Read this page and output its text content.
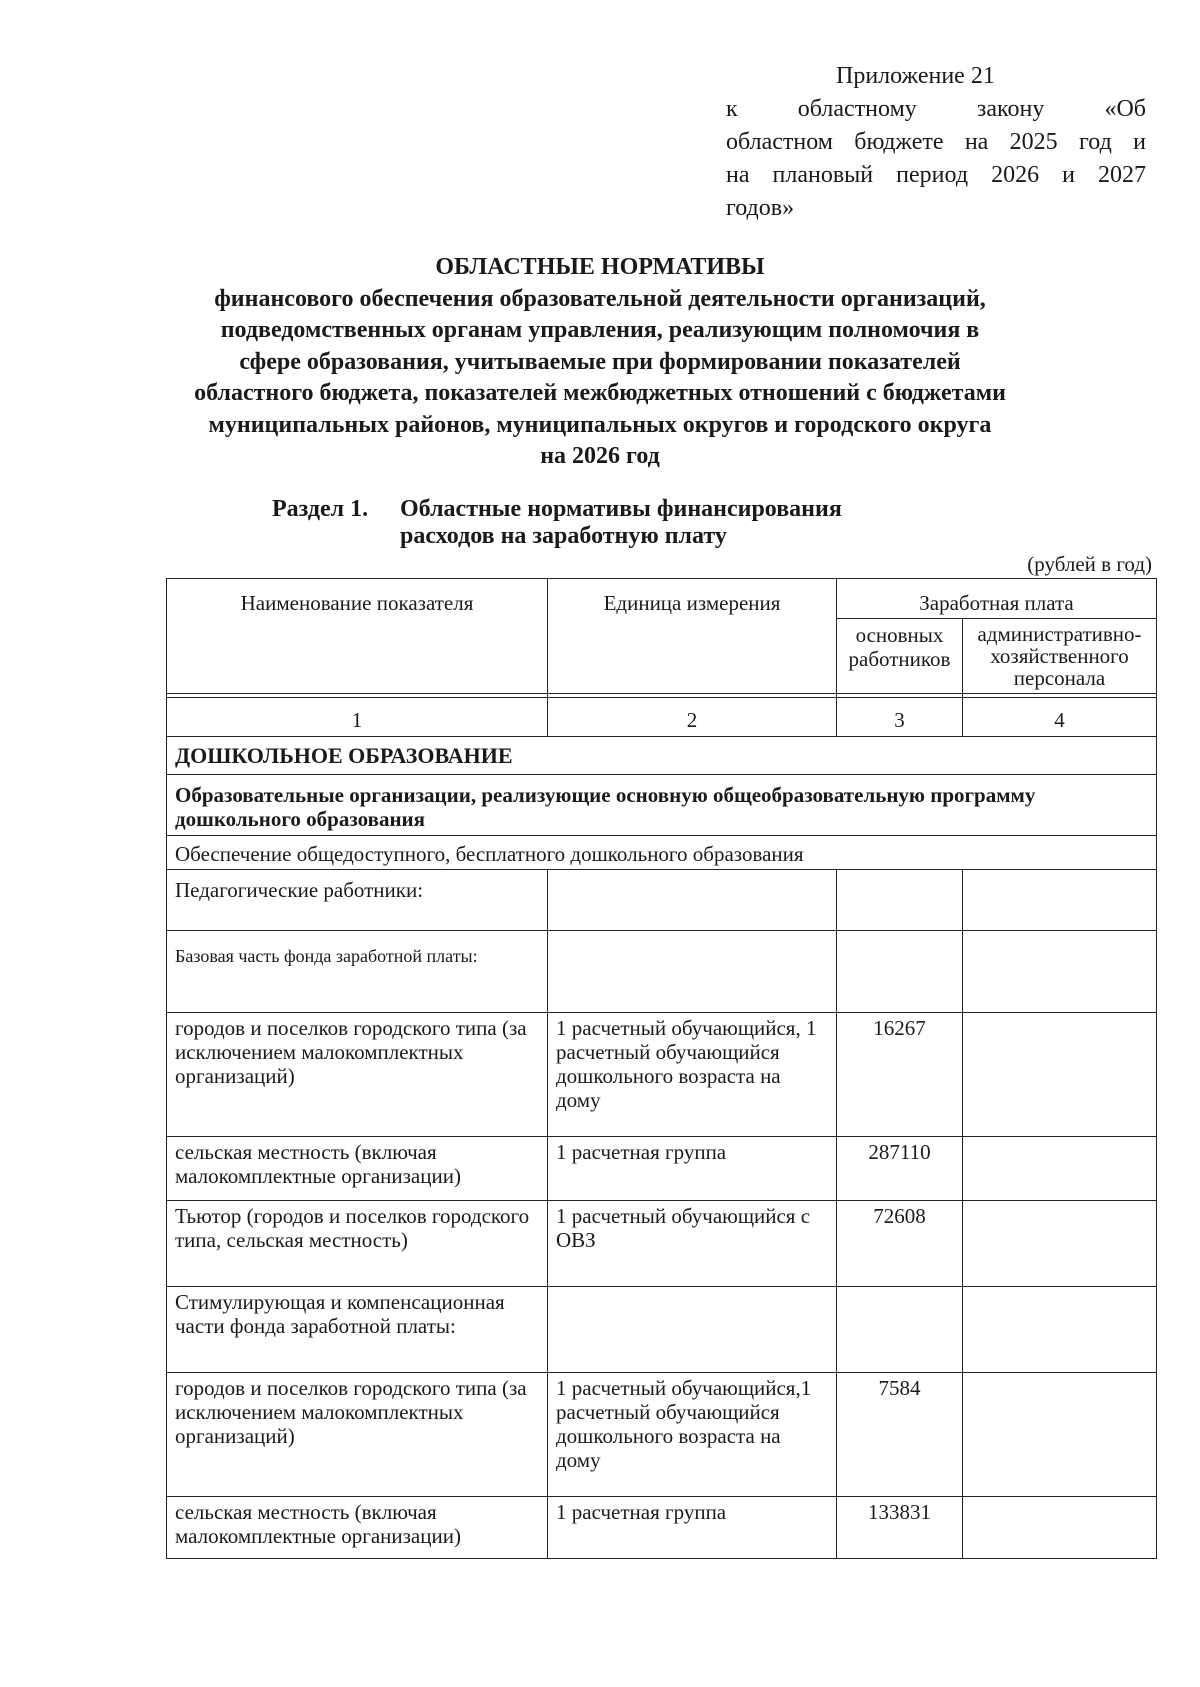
Приложение 21
к областному закону «Об
областном бюджете на 2025 год и
на плановый период 2026 и 2027
годов»
ОБЛАСТНЫЕ НОРМАТИВЫ
финансового обеспечения образовательной деятельности организаций,
подведомственных органам управления, реализующим полномочия в
сфере образования, учитываемые при формировании показателей
областного бюджета, показателей межбюджетных отношений с бюджетами
муниципальных районов, муниципальных округов и городского округа
на 2026 год
Раздел 1. Областные нормативы финансирования
расходов на заработную плату
(рублей в год)
Наименование показателя	Единица измерения	Заработная плата	
		основных работников	административно-хозяйственного персонала

1	2	3	4
ДОШКОЛЬНОЕ ОБРАЗОВАНИЕ			
Образовательные организации, реализующие основную общеобразовательную программу дошкольного образования			
Обеспечение общедоступного, бесплатного дошкольного образования			
Педагогические работники:			
Базовая часть фонда заработной платы:			
городов и поселков городского типа (за исключением малокомплектных организаций)	1 расчетный обучающийся, 1 расчетный обучающийся дошкольного возраста на дому	16267	
сельская местность (включая малокомплектные организации)	1 расчетная группа	287110	
Тьютор (городов и поселков городского типа, сельская местность)	1 расчетный обучающийся с ОВЗ	72608	
Стимулирующая и компенсационная части фонда заработной платы:			
городов и поселков городского типа (за исключением малокомплектных организаций)	1 расчетный обучающийся,1 расчетный обучающийся дошкольного возраста на дому	7584	
сельская местность (включая малокомплектные организации)	1 расчетная группа	133831	
